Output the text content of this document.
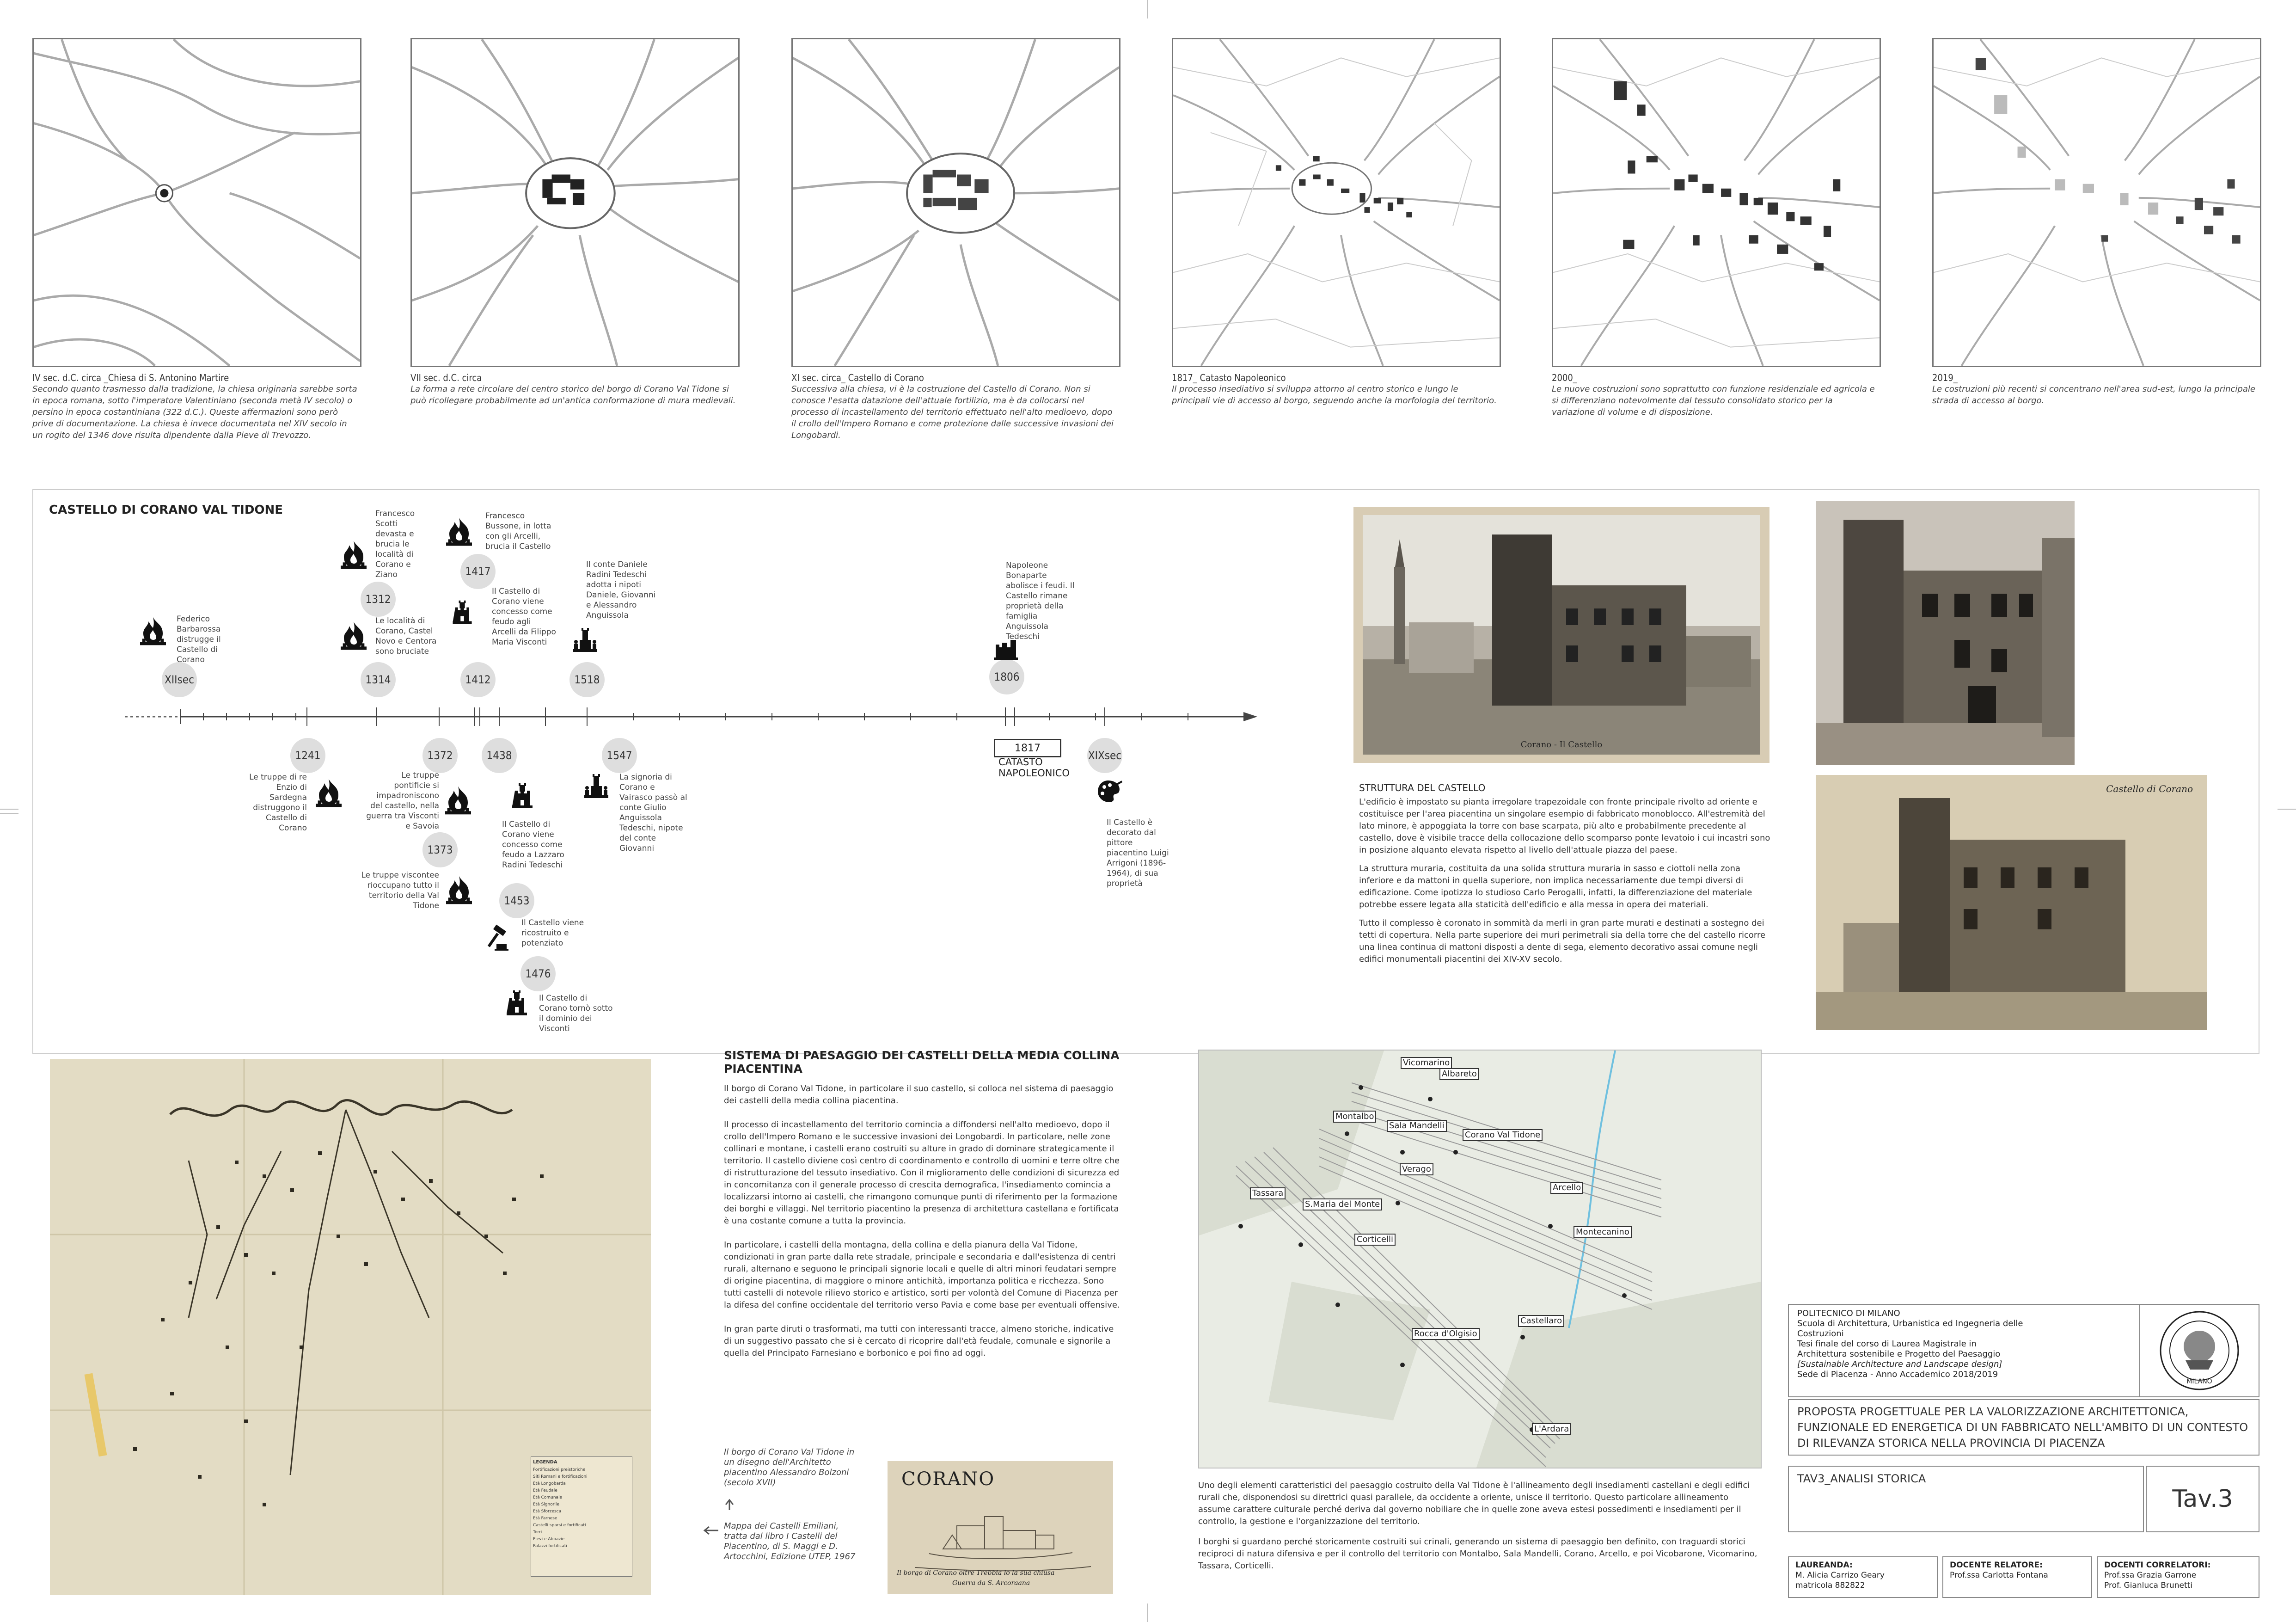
IV sec. d.C. circa _Chiesa di S. Antonino Martire
Secondo quanto trasmesso dalla tradizione, la chiesa originaria sarebbe sorta in epoca romana, sotto l'imperatore Valentiniano (seconda metà IV secolo) o persino in epoca costantiniana (322 d.C.). Queste affermazioni sono però prive di documentazione. La chiesa è invece documentata nel XIV secolo in un rogito del 1346 dove risulta dipendente dalla Pieve di Trevozzo.
VII sec. d.C. circa
La forma a rete circolare del centro storico del borgo di Corano Val Tidone si può ricollegare probabilmente ad un'antica conformazione di mura medievali.
XI sec. circa_ Castello di Corano
Successiva alla chiesa, vi è la costruzione del Castello di Corano. Non si conosce l'esatta datazione dell'attuale fortilizio, ma è da collocarsi nel processo di incastellamento del territorio effettuato nell'alto medioevo, dopo il crollo dell'Impero Romano e come protezione dalle successive invasioni dei Longobardi.
1817_ Catasto Napoleonico
Il processo insediativo si sviluppa attorno al centro storico e lungo le principali vie di accesso al borgo, seguendo anche la morfologia del territorio.
2000_
Le nuove costruzioni sono soprattutto con funzione residenziale ed agricola e si differenziano notevolmente dal tessuto consolidato storico per la variazione di volume e di disposizione.
2019_
Le costruzioni più recenti si concentrano nell'area sud-est, lungo la principale strada di accesso al borgo.
CASTELLO DI CORANO VAL TIDONE
XIIsec
Federico Barbarossa distrugge il Castello di Corano
1312
Francesco Scotti devasta e brucia le località di Corano e Ziano
1314
Le località di Corano, Castel Novo e Centora sono bruciate
1417
Francesco Bussone, in lotta con gli Arcelli, brucia il Castello
1412
Il Castello di Corano viene concesso come feudo agli Arcelli da Filippo Maria Visconti
1518
Il conte Daniele Radini Tedeschi adotta i nipoti Daniele, Giovanni e Alessandro Anguissola
1806
Napoleone Bonaparte abolisce i feudi. Il Castello rimane proprietà della famiglia Anguissola Tedeschi
1241
Le truppe di re Enzio di Sardegna distruggono il Castello di Corano
1372
Le truppe pontificie si impadroniscono del castello, nella guerra tra Visconti e Savoia
1373
Le truppe viscontee rioccupano tutto il territorio della Val Tidone
1438
Il Castello di Corano viene concesso come feudo a Lazzaro Radini Tedeschi
1453
Il Castello viene ricostruito e potenziato
1476
Il Castello di Corano tornò sotto il dominio dei Visconti
1547
La signoria di Corano e Vairasco passò al conte Giulio Anguissola Tedeschi, nipote del conte Giovanni
XIXsec
Il Castello è decorato dal pittore piacentino Luigi Arrigoni (1896-1964), di sua proprietà
1817
CATASTO
NAPOLEONICO
Corano - Il Castello
Castello di Corano
STRUTTURA DEL CASTELLO
L'edificio è impostato su pianta irregolare trapezoidale con fronte principale rivolto ad oriente e costituisce per l'area piacentina un singolare esempio di fabbricato monoblocco. All'estremità del lato minore, è appoggiata la torre con base scarpata, più alto e probabilmente precedente al castello, dove è visibile tracce della collocazione dello scomparso ponte levatoio i cui incastri sono in posizione alquanto elevata rispetto al livello dell'attuale piazza del paese.
La struttura muraria, costituita da una solida struttura muraria in sasso e ciottoli nella zona inferiore e da mattoni in quella superiore, non implica necessariamente due tempi diversi di edificazione. Come ipotizza lo studioso Carlo Perogalli, infatti, la differenziazione del materiale potrebbe essere legata alla staticità dell'edificio e alla messa in opera dei materiali.
Tutto il complesso è coronato in sommità da merli in gran parte murati e destinati a sostegno dei tetti di copertura. Nella parte superiore dei muri perimetrali sia della torre che del castello ricorre una linea continua di mattoni disposti a dente di sega, elemento decorativo assai comune negli edifici monumentali piacentini dei XIV-XV secolo.
LEGENDA
Fortificazioni preistoriche
Siti Romani e fortificazioni
Età Longobarda
Età Feudale
Età Comunale
Età Signorile
Età Sforzesca
Età Farnese
Castelli sparsi e fortificati
Torri
Pievi e Abbazie
Palazzi fortificati
SISTEMA DI PAESAGGIO DEI CASTELLI DELLA MEDIA COLLINA PIACENTINA
Il borgo di Corano Val Tidone, in particolare il suo castello, si colloca nel sistema di paesaggio dei castelli della media collina piacentina.
Il processo di incastellamento del territorio comincia a diffondersi nell'alto medioevo, dopo il crollo dell'Impero Romano e le successive invasioni dei Longobardi. In particolare, nelle zone collinari e montane, i castelli erano costruiti su alture in grado di dominare strategicamente il territorio. Il castello diviene così centro di coordinamento e controllo di uomini e terre oltre che di ristrutturazione del tessuto insediativo. Con il miglioramento delle condizioni di sicurezza ed in concomitanza con il generale processo di crescita demografica, l'insediamento comincia a localizzarsi intorno ai castelli, che rimangono comunque punti di riferimento per la formazione dei borghi e villaggi. Nel territorio piacentino la presenza di architettura castellana e fortificata è una costante comune a tutta la provincia.
In particolare, i castelli della montagna, della collina e della pianura della Val Tidone, condizionati in gran parte dalla rete stradale, principale e secondaria e dall'esistenza di centri rurali, alternano e seguono le principali signorie locali e quelle di altri minori feudatari sempre di origine piacentina, di maggiore o minore antichità, importanza politica e ricchezza. Sono tutti castelli di notevole rilievo storico e artistico, sorti per volontà del Comune di Piacenza per la difesa del confine occidentale del territorio verso Pavia e come base per eventuali offensive.
In gran parte diruti o trasformati, ma tutti con interessanti tracce, almeno storiche, indicative di un suggestivo passato che si è cercato di ricoprire dall'età feudale, comunale e signorile a quella del Principato Farnesiano e borbonico e poi fino ad oggi.
Il borgo di Corano Val Tidone in un disegno dell'Architetto piacentino Alessandro Bolzoni (secolo XVII)
Mappa dei Castelli Emiliani, tratta dal libro I Castelli del Piacentino, di S. Maggi e D. Artocchini, Edizione UTEP, 1967
CORANO
Il borgo di Corano oltre Trebbia lo la sua chiusa
Guerra da S. Arcoraana
Vicomarino
Albareto
Montalbo
Sala Mandelli
Corano Val Tidone
Verago
Arcello
Tassara
S.Maria del Monte
Corticelli
Montecanino
Castellaro
Rocca d'Olgisio
L'Ardara
Uno degli elementi caratteristici del paesaggio costruito della Val Tidone è l'allineamento degli insediamenti castellani e degli edifici rurali che, disponendosi su direttrici quasi parallele, da occidente a oriente, unisce il territorio. Questo particolare allineamento assume carattere culturale perché deriva dal governo nobiliare che in quelle zone aveva estesi possedimenti e insediamenti per il controllo, la gestione e l'organizzazione del territorio.
I borghi si guardano perché storicamente costruiti sui crinali, generando un sistema di paesaggio ben definito, con traguardi storici reciproci di natura difensiva e per il controllo del territorio con Montalbo, Sala Mandelli, Corano, Arcello, e poi Vicobarone, Vicomarino, Tassara, Corticelli.
POLITECNICO DI MILANO
Scuola di Architettura, Urbanistica ed Ingegneria delle Costruzioni
Tesi finale del corso di Laurea Magistrale in
Architettura sostenibile e Progetto del Paesaggio
[Sustainable Architecture and Landscape design]
Sede di Piacenza - Anno Accademico 2018/2019
MILANO
PROPOSTA PROGETTUALE PER LA VALORIZZAZIONE ARCHITETTONICA, FUNZIONALE ED ENERGETICA DI UN FABBRICATO NELL'AMBITO DI UN CONTESTO DI RILEVANZA STORICA NELLA PROVINCIA DI PIACENZA
TAV3_ANALISI STORICA
Tav.3
LAUREANDA:
M. Alicia Carrizo Geary
matricola 882822
DOCENTE RELATORE:
Prof.ssa Carlotta Fontana
DOCENTI CORRELATORI:
Prof.ssa Grazia Garrone
Prof. Gianluca Brunetti
